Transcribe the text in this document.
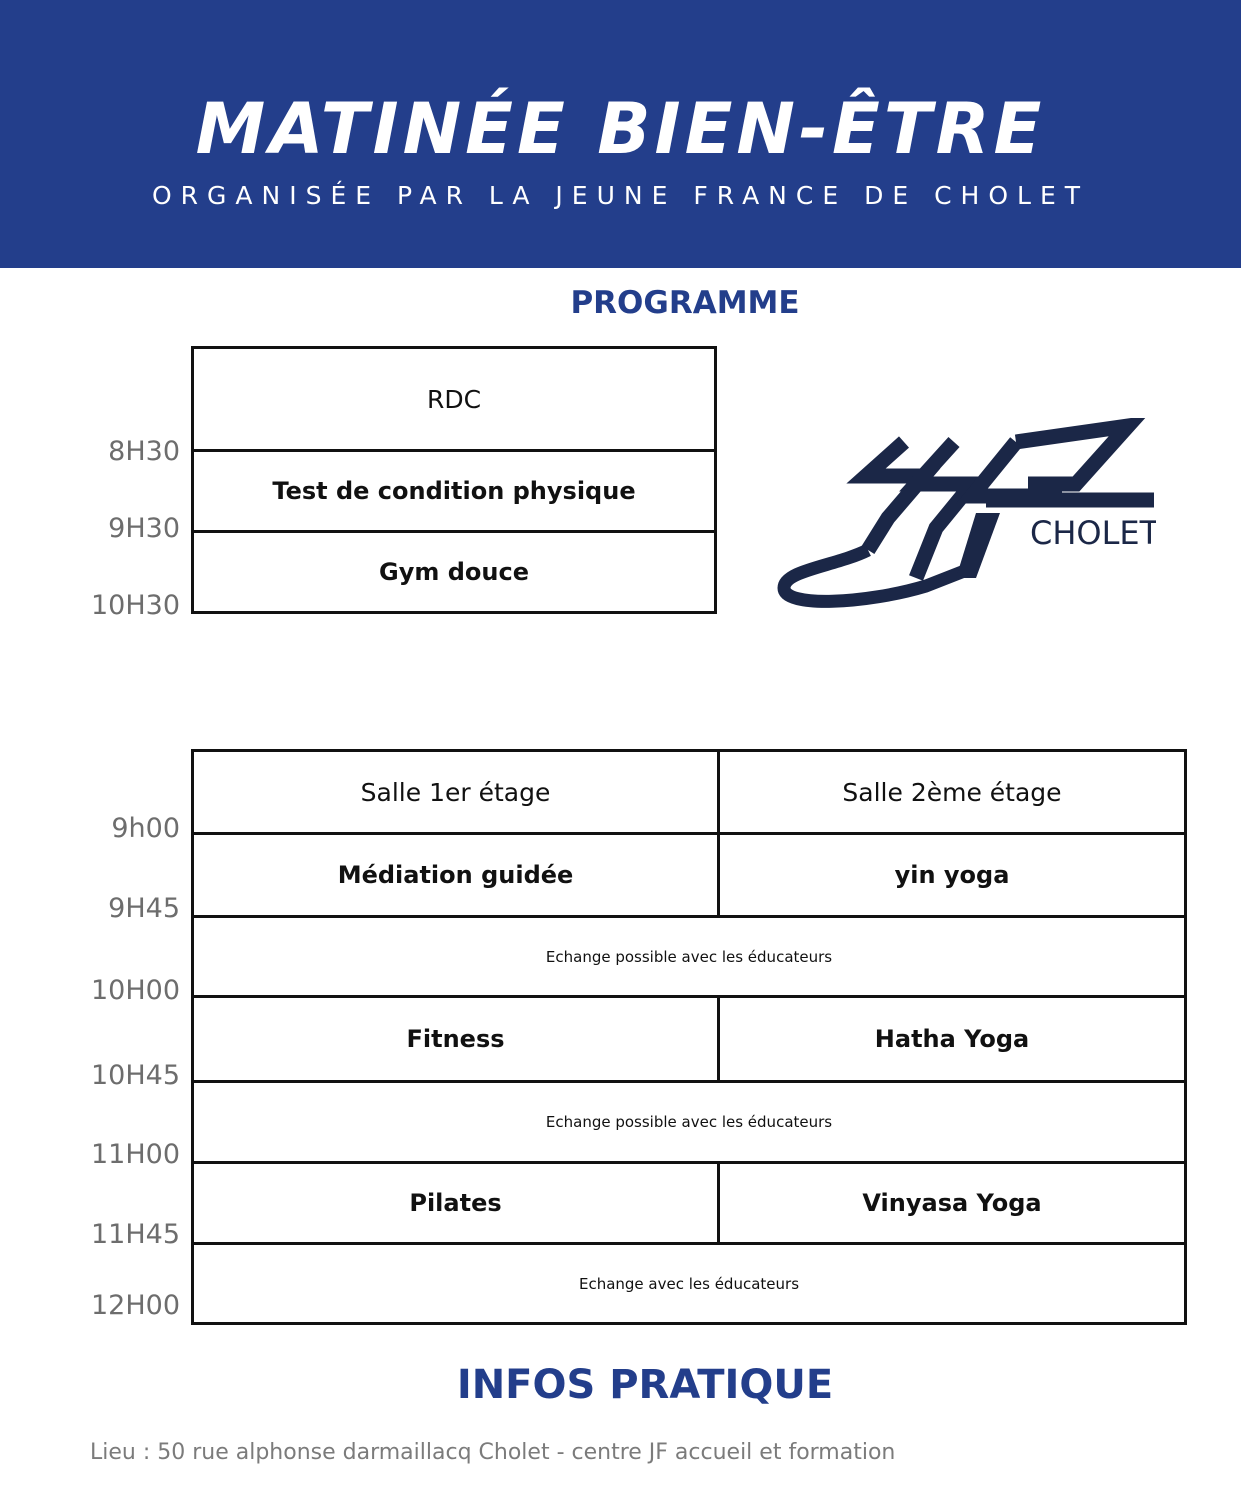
MATINÉE BIEN-ÊTRE
ORGANISÉE PAR LA JEUNE FRANCE DE CHOLET
PROGRAMME
RDC
Test de condition physique
Gym douce
8H30
9H30
10H30
CHOLET
Salle 1er étage	Salle 2ème étage
Médiation guidée	yin yoga
Echange possible avec les éducateurs
Fitness	Hatha Yoga
Echange possible avec les éducateurs
Pilates	Vinyasa Yoga
Echange avec les éducateurs
9h00
9H45
10H00
10H45
11H00
11H45
12H00
INFOS PRATIQUE
Lieu : 50 rue alphonse darmaillacq Cholet - centre JF accueil et formation
